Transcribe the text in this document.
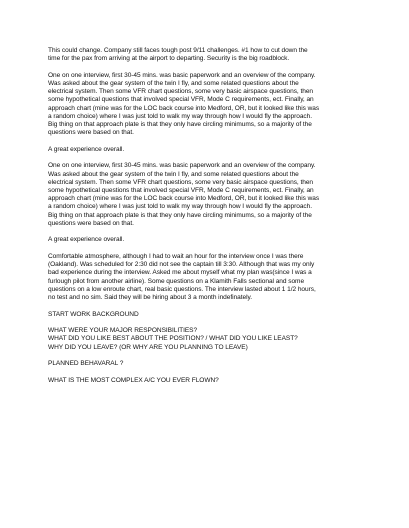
This could change. Company still faces tough post 9/11 challenges. #1 how to cut down the
time for the pax from arriving at the airport to departing. Security is the big roadblock.

One on one interview, first 30-45 mins. was basic paperwork and an overview of the company.
Was asked about the gear system of the twin I fly, and some related questions about the
electrical system. Then some VFR chart questions, some very basic airspace questions, then
some hypothetical questions that involved special VFR, Mode C requirements, ect. Finally, an
approach chart (mine was for the LOC back course into Medford, OR, but it looked like this was
a random choice) where I was just told to walk my way through how I would fly the approach.
Big thing on that approach plate is that they only have circling minimums, so a majority of the
questions were based on that.

A great experience overall.

One on one interview, first 30-45 mins. was basic paperwork and an overview of the company.
Was asked about the gear system of the twin I fly, and some related questions about the
electrical system. Then some VFR chart questions, some very basic airspace questions, then
some hypothetical questions that involved special VFR, Mode C requirements, ect. Finally, an
approach chart (mine was for the LOC back course into Medford, OR, but it looked like this was
a random choice) where I was just told to walk my way through how I would fly the approach.
Big thing on that approach plate is that they only have circling minimums, so a majority of the
questions were based on that.

A great experience overall.

Comfortable atmosphere, although I had to wait an hour for the interview once I was there
(Oakland). Was scheduled for 2:30 did not see the captain till 3:30. Although that was my only
bad experience during the interview. Asked me about myself what my plan was(since I was a
furlough pilot from another airline). Some questions on a Klamith Falls sectional and some
questions on a low enroute chart, real basic questions. The interview lasted about 1 1/2 hours,
no test and no sim. Said they will be hiring about 3 a month indefinately.

START WORK BACKGROUND

WHAT WERE YOUR MAJOR RESPONSIBILITIES?
WHAT DID YOU LIKE BEST ABOUT THE POSITION? / WHAT DID YOU LIKE LEAST?
WHY DID YOU LEAVE? (OR WHY ARE YOU PLANNING TO LEAVE)

PLANNED BEHAVARAL ?

WHAT IS THE MOST COMPLEX A/C YOU EVER FLOWN?
